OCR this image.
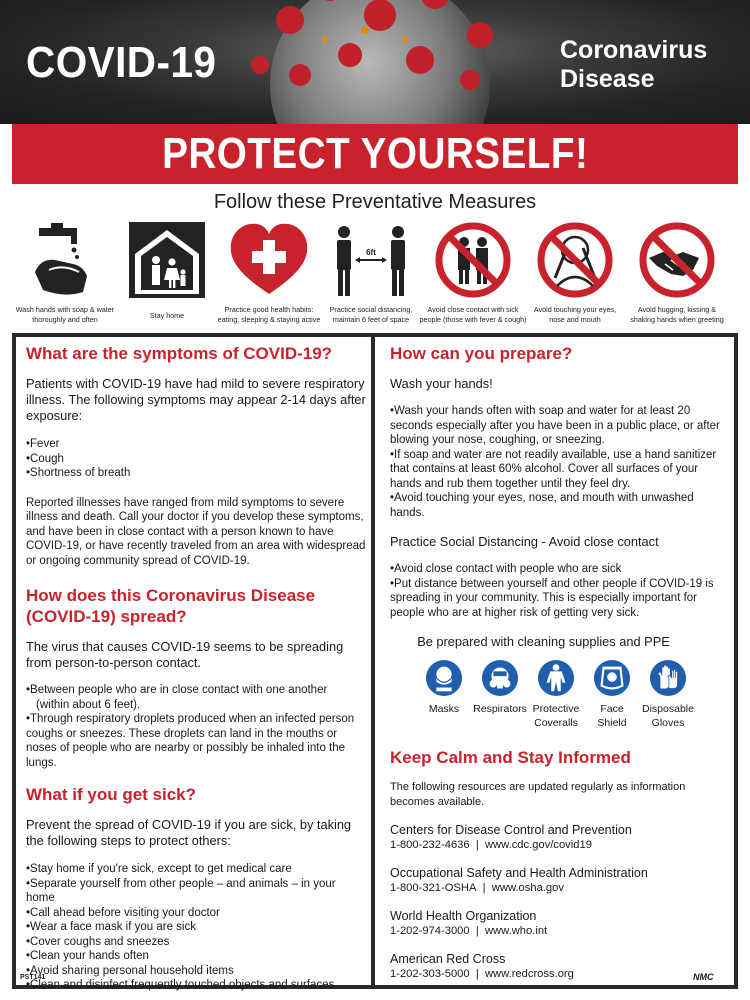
COVID-19	Coronavirus
Disease
PROTECT YOURSELF!
Follow these Preventative Measures
Wash hands with soap & water
thoroughly and often	Stay home
Practice good health habits:
eating, sleeping & staying active
6ft
Practice social distancing,
maintain 6 feet of space
Avoid close contact with sick
people (those with fever & cough)
Avoid touching your eyes,
nose and mouth
Avoid hugging, kissing &
shaking hands when greeting
What are the symptoms of COVID-19?

Patients with COVID-19 have had mild to severe respiratory illness. The following symptoms may appear 2-14 days after exposure:

• Fever
• Cough
• Shortness of breath

Reported illnesses have ranged from mild symptoms to severe illness and death. Call your doctor if you develop these symptoms, and have been in close contact with a person known to have COVID-19, or have recently traveled from an area with widespread or ongoing community spread of COVID-19.

How does this Coronavirus Disease
(COVID-19) spread?

The virus that causes COVID-19 seems to be spreading from person-to-person contact.

• Between people who are in close contact with one another
(within about 6 feet).
• Through respiratory droplets produced when an infected person coughs or sneezes. These droplets can land in the mouths or noses of people who are nearby or possibly be inhaled into the lungs.
What if you get sick?

Prevent the spread of COVID-19 if you are sick, by taking the following steps to protect others:

• Stay home if you're sick, except to get medical care
• Separate yourself from other people – and animals – in your home
• Call ahead before visiting your doctor
• Wear a face mask if you are sick
• Cover coughs and sneezes
• Clean your hands often
• Avoid sharing personal household items
• Clean and disinfect frequently touched objects and surfaces.
How can you prepare?

Wash your hands!

• Wash your hands often with soap and water for at least 20 seconds especially after you have been in a public place, or after blowing your nose, coughing, or sneezing.
• If soap and water are not readily available, use a hand sanitizer that contains at least 60% alcohol. Cover all surfaces of your hands and rub them together until they feel dry.
• Avoid touching your eyes, nose, and mouth with unwashed hands.

Practice Social Distancing - Avoid close contact

• Avoid close contact with people who are sick
• Put distance between yourself and other people if COVID-19 is spreading in your community. This is especially important for people who are at higher risk of getting very sick.

Be prepared with cleaning supplies and PPE

Masks	Respirators Protective
Coveralls
Face
Shield
Disposable
Gloves
Keep Calm and Stay Informed

The following resources are updated regularly as information becomes available.

Centers for Disease Control and Prevention
1-800-232-4636  |  www.cdc.gov/covid19
Occupational Safety and Health Administration
1-800-321-OSHA  |  www.osha.gov
World Health Organization
1-202-974-3000  |  www.who.int
American Red Cross
1-202-303-5000  |  www.redcross.org
PST141	NMC
